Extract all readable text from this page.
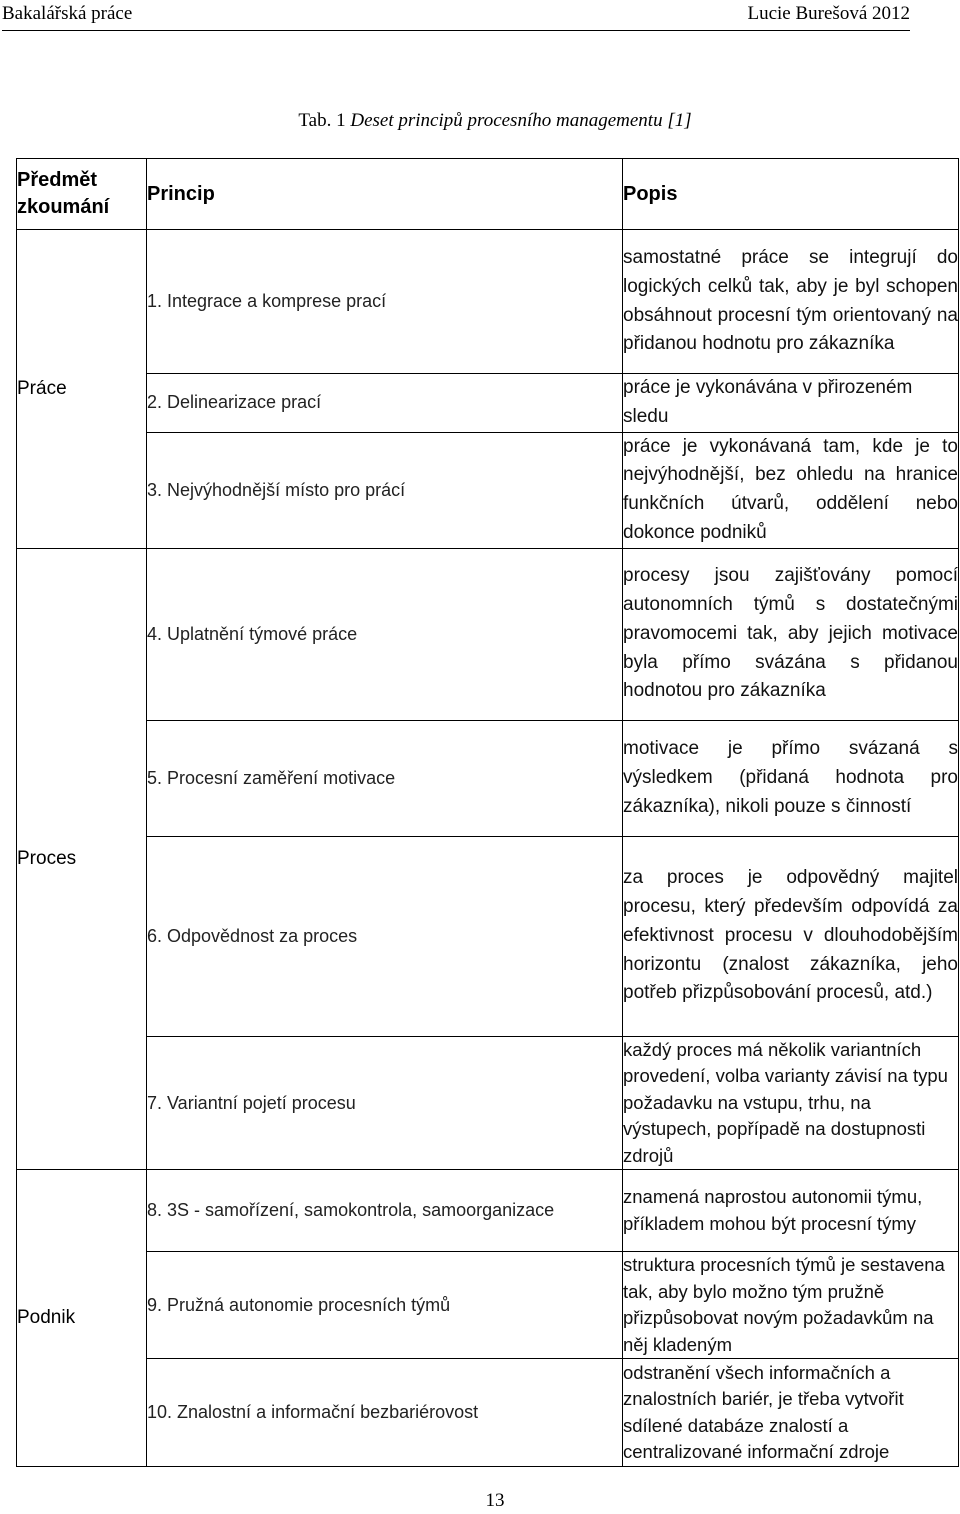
Bakalářská práce	Lucie Burešová 2012
Tab. 1 Deset principů procesního managementu [1]
Předmět zkoumání	Princip	Popis
Práce	1. Integrace a komprese prací	samostatné práce se integrují do logických celků tak, aby je byl schopen obsáhnout procesní tým orientovaný na přidanou hodnotu pro zákazníka
	2. Delinearizace prací	práce je vykonávána v přirozeném sledu
	3. Nejvýhodnější místo pro prácí	práce je vykonávaná tam, kde je to nejvýhodnější, bez ohledu na hranice funkčních útvarů, oddělení nebo dokonce podniků
Proces	4. Uplatnění týmové práce	procesy jsou zajišťovány pomocí autonomních týmů s dostatečnými pravomocemi tak, aby jejich motivace byla přímo svázána s přidanou hodnotou pro zákazníka
	5. Procesní zaměření motivace	motivace je přímo svázaná s výsledkem (přidaná hodnota pro zákazníka), nikoli pouze s činností
	6. Odpovědnost za proces	za proces je odpovědný majitel procesu, který především odpovídá za efektivnost procesu v dlouhodobějším horizontu (znalost zákazníka, jeho potřeb přizpůsobování procesů, atd.)
	7. Variantní pojetí procesu	každý proces má několik variantních provedení, volba varianty závisí na typu požadavku na vstupu, trhu, na výstupech, popřípadě na dostupnosti zdrojů
Podnik	8. 3S - samořízení, samokontrola, samoorganizace	znamená naprostou autonomii týmu, příkladem mohou být procesní týmy
	9. Pružná autonomie procesních týmů	struktura procesních týmů je sestavena tak, aby bylo možno tým pružně přizpůsobovat novým požadavkům na něj kladeným
	10. Znalostní a informační bezbariérovost	odstranění všech informačních a znalostních bariér, je třeba vytvořit sdílené databáze znalostí a centralizované informační zdroje
13
